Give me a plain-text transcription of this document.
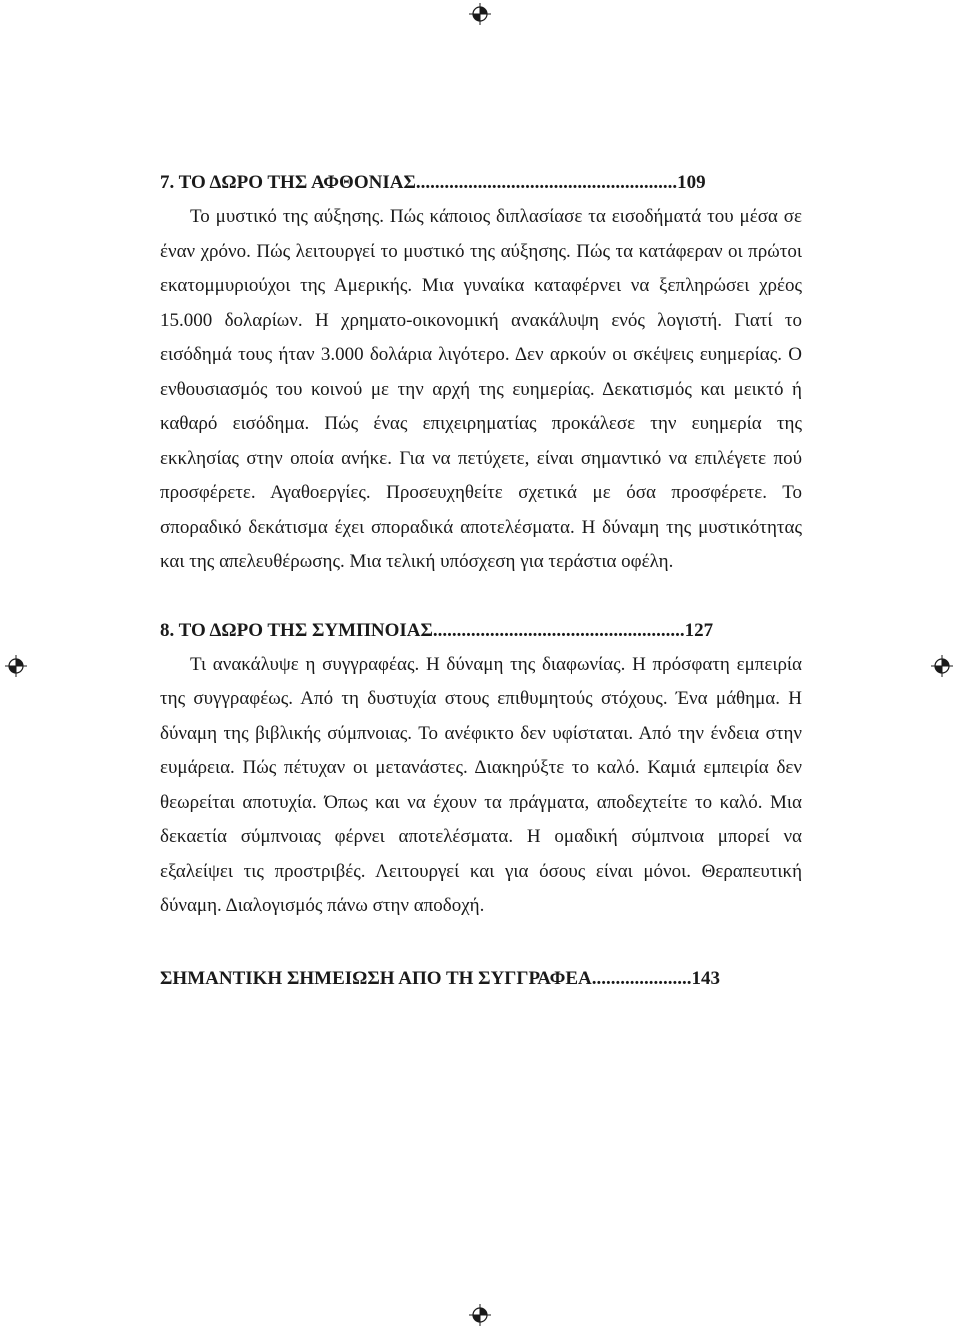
7. ΤΟ ΔΩΡΟ ΤΗΣ ΑΦΘΟΝΙΑΣ.......................................................109

Το μυστικό της αύξησης. Πώς κάποιος διπλασίασε τα εισοδήματά του μέσα σε έναν χρόνο. Πώς λειτουργεί το μυστικό της αύξησης. Πώς τα κατάφεραν οι πρώτοι εκατομμυριούχοι της Αμερικής. Μια γυναίκα καταφέρνει να ξεπληρώσει χρέος 15.000 δολαρίων. Η χρηματο-οικονομική ανακάλυψη ενός λογιστή. Γιατί το εισόδημά τους ήταν 3.000 δολάρια λιγότερο. Δεν αρκούν οι σκέψεις ευημερίας. Ο ενθουσιασμός του κοινού με την αρχή της ευημερίας. Δεκατισμός και μεικτό ή καθαρό εισόδημα. Πώς ένας επιχειρηματίας προκάλεσε την ευημερία της εκκλησίας στην οποία ανήκε. Για να πετύχετε, είναι σημαντικό να επιλέγετε πού προσφέρετε. Αγαθοεργίες. Προσευχηθείτε σχετικά με όσα προσφέρετε. Το σποραδικό δεκάτισμα έχει σποραδικά αποτελέσματα. Η δύναμη της μυστικότητας και της απελευθέρωσης. Μια τελική υπόσχεση για τεράστια οφέλη.

8. ΤΟ ΔΩΡΟ ΤΗΣ ΣΥΜΠΝΟΙΑΣ.....................................................127

Τι ανακάλυψε η συγγραφέας. Η δύναμη της διαφωνίας. Η πρόσφατη εμπειρία της συγγραφέως. Από τη δυστυχία στους επιθυμητούς στόχους. Ένα μάθημα. Η δύναμη της βιβλικής σύμπνοιας. Το ανέφικτο δεν υφίσταται. Από την ένδεια στην ευμάρεια. Πώς πέτυχαν οι μετανάστες. Διακηρύξτε το καλό. Καμιά εμπειρία δεν θεωρείται αποτυχία. Όπως και να έχουν τα πράγματα, αποδεχτείτε το καλό. Μια δεκαετία σύμπνοιας φέρνει αποτελέσματα. Η ομαδική σύμπνοια μπορεί να εξαλείψει τις προστριβές. Λειτουργεί και για όσους είναι μόνοι. Θεραπευτική δύναμη. Διαλογισμός πάνω στην αποδοχή.

ΣΗΜΑΝΤΙΚΗ ΣΗΜΕΙΩΣΗ ΑΠΟ ΤΗ ΣΥΓΓΡΑΦΕΑ.....................143
